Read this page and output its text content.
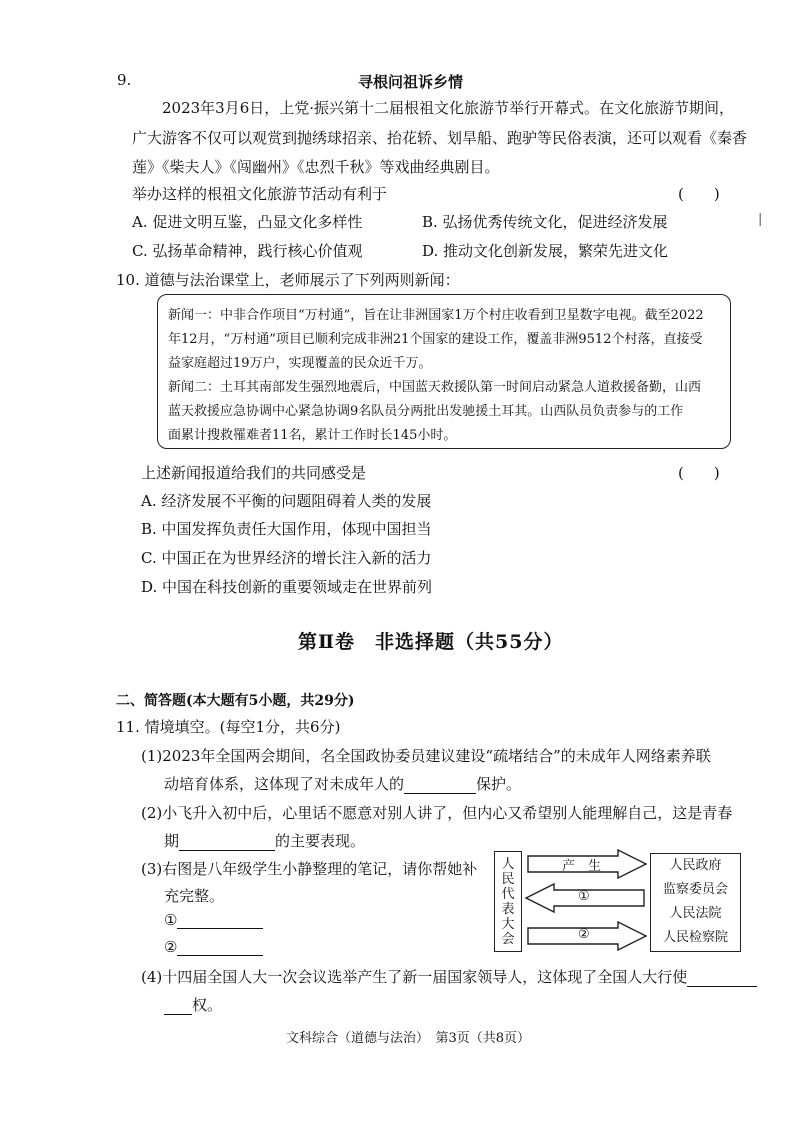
9.	寻根问祖诉乡情
2023年3月6日，上党·振兴第十二届根祖文化旅游节举行开幕式。在文化旅游节期间，
广大游客不仅可以观赏到抛绣球招亲、抬花轿、划旱船、跑驴等民俗表演，还可以观看《秦香
莲》《柴夫人》《闯幽州》《忠烈千秋》等戏曲经典剧目。
举办这样的根祖文化旅游节活动有利于	(　　)
A. 促进文明互鉴，凸显文化多样性	B. 弘扬优秀传统文化，促进经济发展
C. 弘扬革命精神，践行核心价值观	D. 推动文化创新发展，繁荣先进文化
|
10. 道德与法治课堂上，老师展示了下列两则新闻：
新闻一：中非合作项目“万村通”，旨在让非洲国家1万个村庄收看到卫星数字电视。截至2022
年12月，“万村通”项目已顺利完成非洲21个国家的建设工作，覆盖非洲9512个村落，直接受
益家庭超过19万户，实现覆盖的民众近千万。
新闻二：土耳其南部发生强烈地震后，中国蓝天救援队第一时间启动紧急人道救援备勤，山西
蓝天救援应急协调中心紧急协调9名队员分两批出发驰援土耳其。山西队员负责参与的工作
面累计搜救罹难者11名，累计工作时长145小时。
上述新闻报道给我们的共同感受是	(　　)
A. 经济发展不平衡的问题阻碍着人类的发展
B. 中国发挥负责任大国作用，体现中国担当
C. 中国正在为世界经济的增长注入新的活力
D. 中国在科技创新的重要领域走在世界前列
第Ⅱ卷　非选择题（共55分）
二、简答题(本大题有5小题，共29分)
11. 情境填空。(每空1分，共6分)
(1)2023年全国两会期间，名全国政协委员建议建设“疏堵结合”的未成年人网络素养联
动培育体系，这体现了对未成年人的	保护。
(2)小飞升入初中后，心里话不愿意对别人讲了，但内心又希望别人能理解自己，这是青春
期	的主要表现。
(3)右图是八年级学生小静整理的笔记，请你帮她补
充完整。
①
②
人
民
代
表
大
会
产　生
①
②
人民政府
监察委员会
人民法院
人民检察院
(4)十四届全国人大一次会议选举产生了新一届国家领导人，这体现了全国人大行使
权。
文科综合（道德与法治）　第3页（共8页）
